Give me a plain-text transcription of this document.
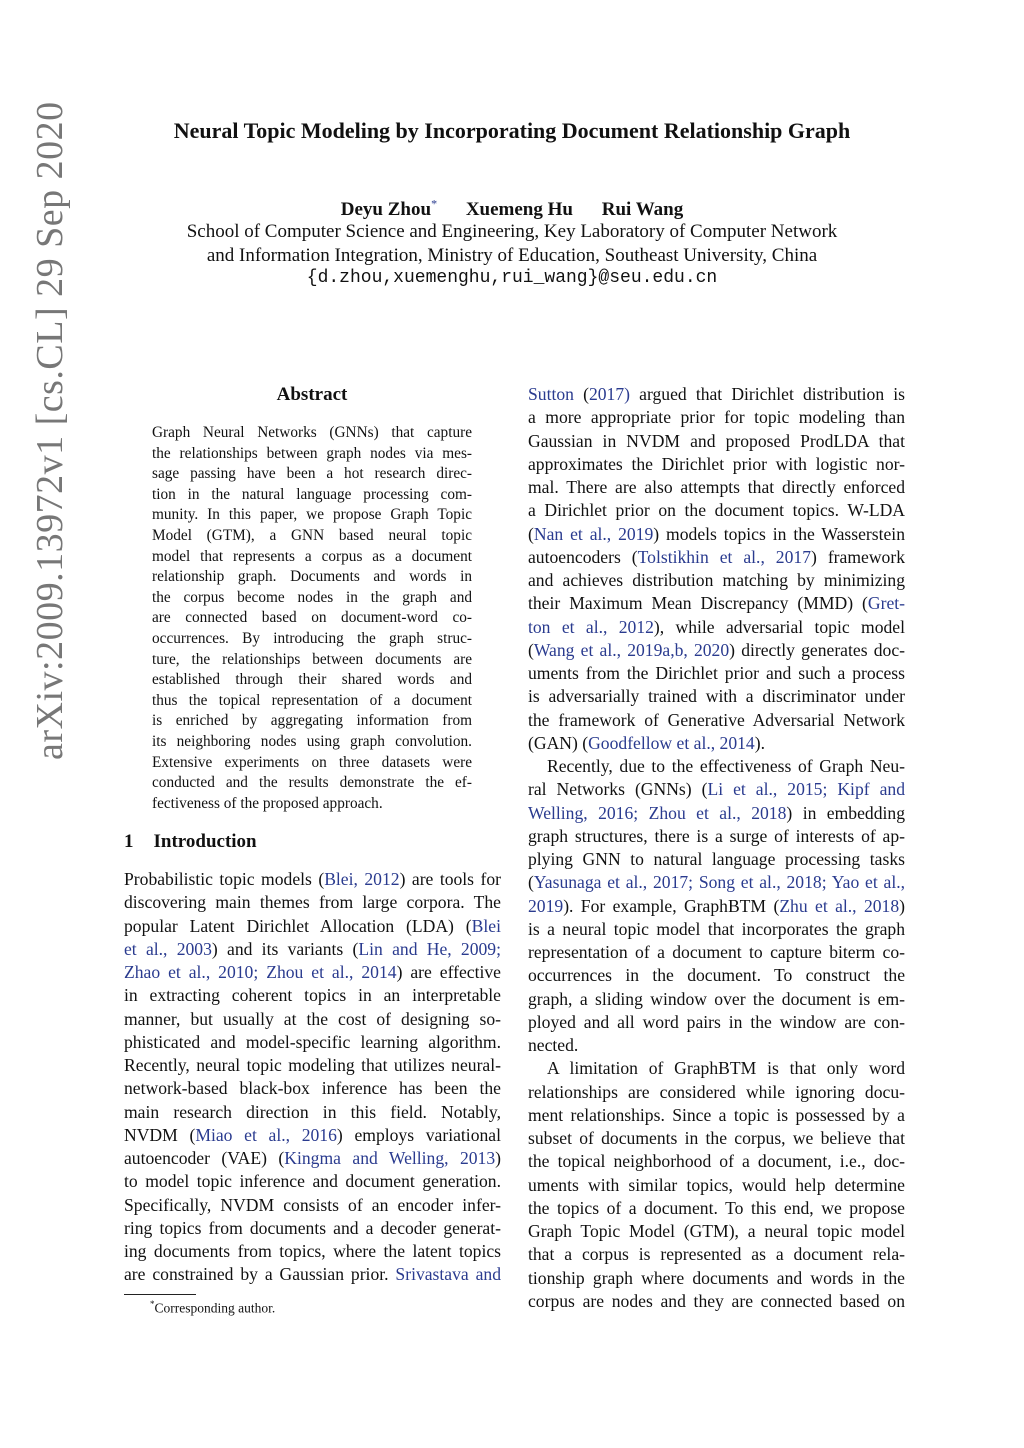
arXiv:2009.13972v1 [cs.CL] 29 Sep 2020	Neural Topic Modeling by Incorporating Document Relationship Graph
Deyu Zhou* Xuemeng Hu Rui Wang
School of Computer Science and Engineering, Key Laboratory of Computer Network
and Information Integration, Ministry of Education, Southeast University, China
{d.zhou,xuemenghu,rui_wang}@seu.edu.cn
Abstract
Graph Neural Networks (GNNs) that capture
the relationships between graph nodes via mes-
sage passing have been a hot research direc-
tion in the natural language processing com-
munity. In this paper, we propose Graph Topic
Model (GTM), a GNN based neural topic
model that represents a corpus as a document
relationship graph. Documents and words in
the corpus become nodes in the graph and
are connected based on document-word co-
occurrences. By introducing the graph struc-
ture, the relationships between documents are
established through their shared words and
thus the topical representation of a document
is enriched by aggregating information from
its neighboring nodes using graph convolution.
Extensive experiments on three datasets were
conducted and the results demonstrate the ef-
fectiveness of the proposed approach.
1 Introduction
Probabilistic topic models (Blei, 2012) are tools for
discovering main themes from large corpora. The
popular Latent Dirichlet Allocation (LDA) (Blei
et al., 2003) and its variants (Lin and He, 2009;
Zhao et al., 2010; Zhou et al., 2014) are effective
in extracting coherent topics in an interpretable
manner, but usually at the cost of designing so-
phisticated and model-specific learning algorithm.
Recently, neural topic modeling that utilizes neural-
network-based black-box inference has been the
main research direction in this field. Notably,
NVDM (Miao et al., 2016) employs variational
autoencoder (VAE) (Kingma and Welling, 2013)
to model topic inference and document generation.
Specifically, NVDM consists of an encoder infer-
ring topics from documents and a decoder generat-
ing documents from topics, where the latent topics
are constrained by a Gaussian prior. Srivastava and
Sutton (2017) argued that Dirichlet distribution is
a more appropriate prior for topic modeling than
Gaussian in NVDM and proposed ProdLDA that
approximates the Dirichlet prior with logistic nor-
mal. There are also attempts that directly enforced
a Dirichlet prior on the document topics. W-LDA
(Nan et al., 2019) models topics in the Wasserstein
autoencoders (Tolstikhin et al., 2017) framework
and achieves distribution matching by minimizing
their Maximum Mean Discrepancy (MMD) (Gret-
ton et al., 2012), while adversarial topic model
(Wang et al., 2019a,b, 2020) directly generates doc-
uments from the Dirichlet prior and such a process
is adversarially trained with a discriminator under
the framework of Generative Adversarial Network
(GAN) (Goodfellow et al., 2014).
Recently, due to the effectiveness of Graph Neu-
ral Networks (GNNs) (Li et al., 2015; Kipf and
Welling, 2016; Zhou et al., 2018) in embedding
graph structures, there is a surge of interests of ap-
plying GNN to natural language processing tasks
(Yasunaga et al., 2017; Song et al., 2018; Yao et al.,
2019). For example, GraphBTM (Zhu et al., 2018)
is a neural topic model that incorporates the graph
representation of a document to capture biterm co-
occurrences in the document. To construct the
graph, a sliding window over the document is em-
ployed and all word pairs in the window are con-
nected.
A limitation of GraphBTM is that only word
relationships are considered while ignoring docu-
ment relationships. Since a topic is possessed by a
subset of documents in the corpus, we believe that
the topical neighborhood of a document, i.e., doc-
uments with similar topics, would help determine
the topics of a document. To this end, we propose
Graph Topic Model (GTM), a neural topic model
that a corpus is represented as a document rela-
tionship graph where documents and words in the
corpus are nodes and they are connected based on
*Corresponding author.
